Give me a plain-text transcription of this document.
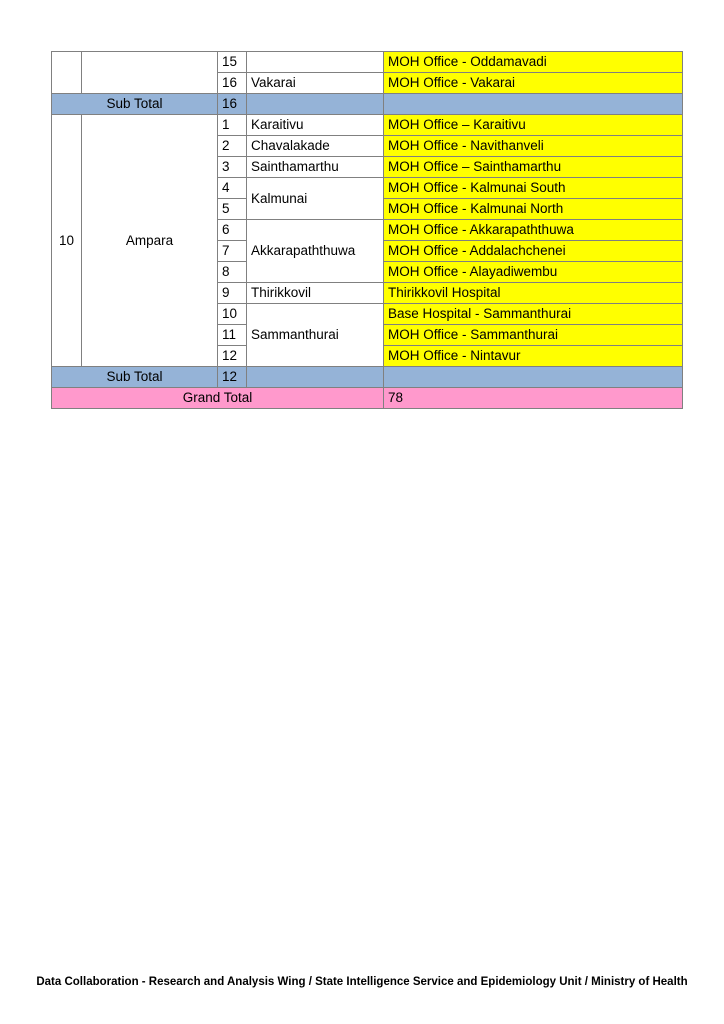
		15		MOH Office - Oddamavadi
		16	Vakarai	MOH Office - Vakarai
Sub Total		16		
10	Ampara	1	Karaitivu	MOH Office – Karaitivu
		2	Chavalakade	MOH Office - Navithanveli
		3	Sainthamarthu	MOH Office – Sainthamarthu
		4	Kalmunai	MOH Office - Kalmunai South
		5		MOH Office - Kalmunai North
		6	Akkarapaththuwa	MOH Office - Akkarapaththuwa
		7		MOH Office - Addalachchenei
		8		MOH Office - Alayadiwembu
		9	Thirikkovil	Thirikkovil Hospital
		10	Sammanthurai	Base Hospital - Sammanthurai
		11		MOH Office - Sammanthurai
		12		MOH Office - Nintavur
Sub Total		12		
Grand Total				78
Data Collaboration - Research and Analysis Wing / State Intelligence Service and Epidemiology Unit / Ministry of Health
